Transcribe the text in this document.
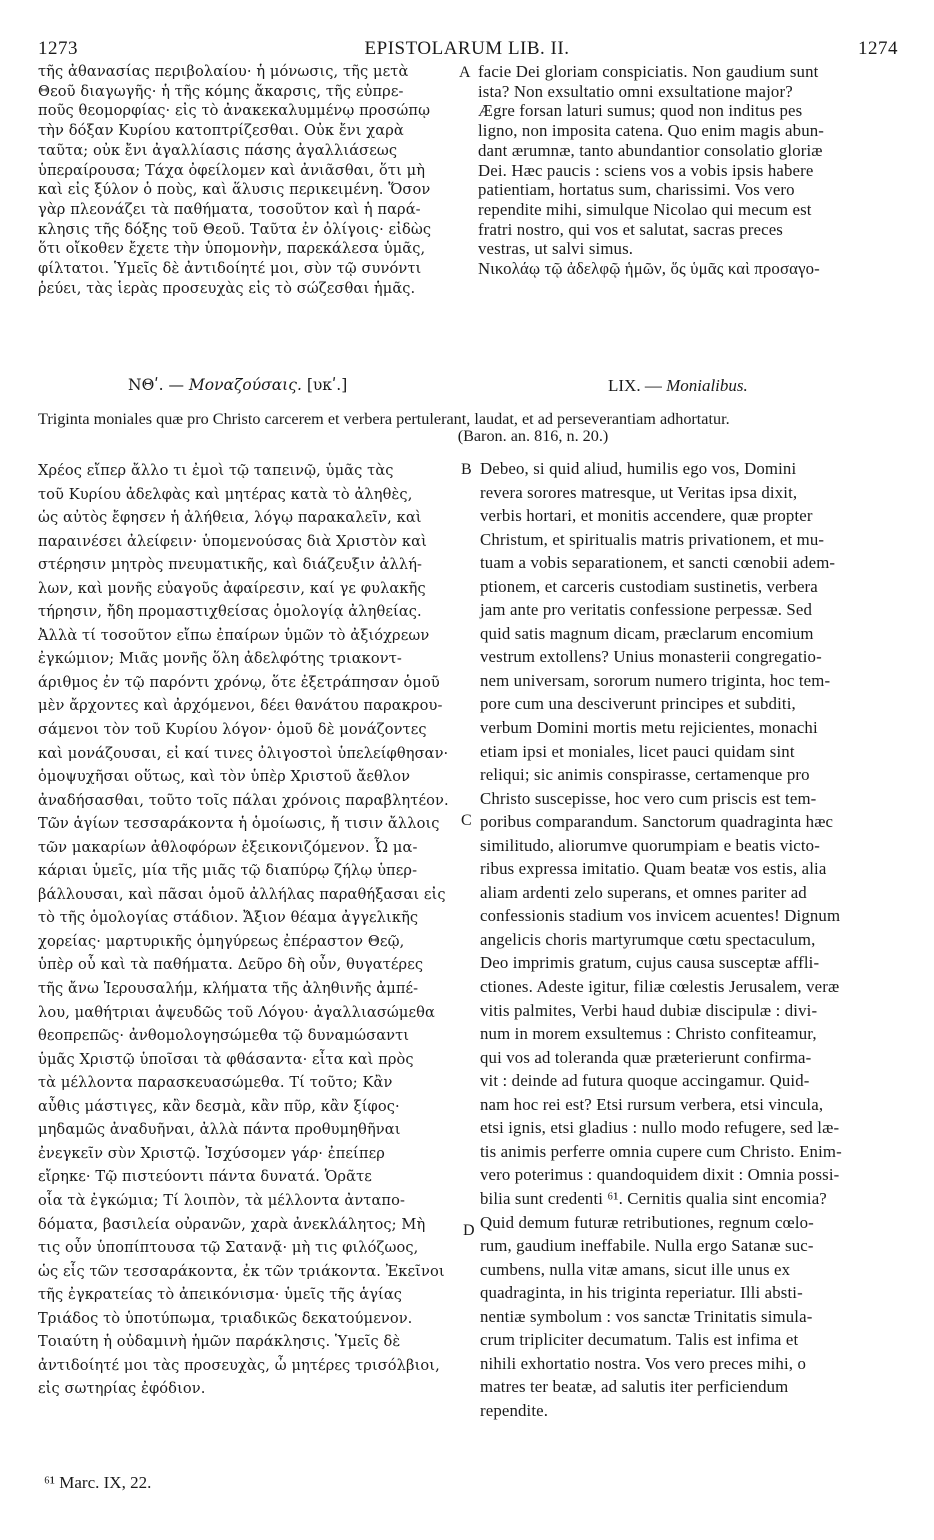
1273	EPISTOLARUM LIB. II.	1274
τῆς ἀθανασίας περιβολαίου· ἡ μόνωσις, τῆς μετὰ
Θεοῦ διαγωγῆς· ἡ τῆς κόμης ἄκαρσις, τῆς εὐπρε-
ποῦς θεομορφίας· εἰς τὸ ἀνακεκαλυμμένῳ προσώπῳ
τὴν δόξαν Κυρίου κατοπτρίζεσθαι. Οὐκ ἔνι χαρὰ
ταῦτα; οὐκ ἔνι ἀγαλλίασις πάσης ἀγαλλιάσεως
ὑπεραίρουσα; Τάχα ὀφείλομεν καὶ ἀνιᾶσθαι, ὅτι μὴ
καὶ εἰς ξύλον ὁ ποὺς, καὶ ἅλυσις περικειμένη. Ὅσον
γὰρ πλεονάζει τὰ παθήματα, τοσοῦτον καὶ ἡ παρά-
κλησις τῆς δόξης τοῦ Θεοῦ. Ταῦτα ἐν ὀλίγοις· εἰδὼς
ὅτι οἴκοθεν ἔχετε τὴν ὑπομονὴν, παρεκάλεσα ὑμᾶς,
φίλτατοι. Ὑμεῖς δὲ ἀντιδοίητέ μοι, σὺν τῷ συνόντι
ῥεύει, τὰς ἱερὰς προσευχὰς εἰς τὸ σώζεσθαι ἡμᾶς.
A facie Dei gloriam conspiciatis. Non gaudium sunt
ista? Non exsultatio omni exsultatione major?
Ægre forsan laturi sumus; quod non inditus pes
ligno, non imposita catena. Quo enim magis abun-
dant ærumnæ, tanto abundantior consolatio gloriæ
Dei. Hæc paucis : sciens vos a vobis ipsis habere
patientiam, hortatus sum, charissimi. Vos vero
rependite mihi, simulque Nicolao qui mecum est
fratri nostro, qui vos et salutat, sacras preces
vestras, ut salvi simus.
Νικολάῳ τῷ ἀδελφῷ ἡμῶν, ὅς ὑμᾶς καὶ προσαγο-
ΝΘʹ. — Μοναζούσαις. [υκʹ.]	LIX. — Monialibus.
Triginta moniales quæ pro Christo carcerem et verbera pertulerant, laudat, et ad perseverantiam adhortatur.
(Baron. an. 816, n. 20.)
Χρέος εἴπερ ἄλλο τι ἐμοὶ τῷ ταπεινῷ, ὑμᾶς τὰς
τοῦ Κυρίου ἀδελφὰς καὶ μητέρας κατὰ τὸ ἀληθὲς,
ὡς αὐτὸς ἔφησεν ἡ ἀλήθεια, λόγῳ παρακαλεῖν, καὶ
παραινέσει ἀλείφειν· ὑπομενούσας διὰ Χριστὸν καὶ
στέρησιν μητρὸς πνευματικῆς, καὶ διάζευξιν ἀλλή-
λων, καὶ μονῆς εὐαγοῦς ἀφαίρεσιν, καί γε φυλακῆς
τήρησιν, ἤδη προμαστιχθείσας ὁμολογίᾳ ἀληθείας.
Ἀλλὰ τί τοσοῦτον εἴπω ἐπαίρων ὑμῶν τὸ ἀξιόχρεων
ἐγκώμιον; Μιᾶς μονῆς ὅλη ἀδελφότης τριακοντ-
άριθμος ἐν τῷ παρόντι χρόνῳ, ὅτε ἐξετράπησαν ὁμοῦ
μὲν ἄρχοντες καὶ ἀρχόμενοι, δέει θανάτου παρακρου-
σάμενοι τὸν τοῦ Κυρίου λόγον· ὁμοῦ δὲ μονάζοντες
καὶ μονάζουσαι, εἰ καί τινες ὀλιγοστοὶ ὑπελείφθησαν·
ὁμοψυχῆσαι οὕτως, καὶ τὸν ὑπὲρ Χριστοῦ ἄεθλον
ἀναδήσασθαι, τοῦτο τοῖς πάλαι χρόνοις παραβλητέον.
Τῶν ἁγίων τεσσαράκοντα ἡ ὁμοίωσις, ἤ τισιν ἄλλοις
τῶν μακαρίων ἀθλοφόρων ἐξεικονιζόμενον. Ὦ μα-
κάριαι ὑμεῖς, μία τῆς μιᾶς τῷ διαπύρῳ ζήλῳ ὑπερ-
βάλλουσαι, καὶ πᾶσαι ὁμοῦ ἀλλήλας παραθήξασαι εἰς
τὸ τῆς ὁμολογίας στάδιον. Ἄξιον θέαμα ἀγγελικῆς
χορείας· μαρτυρικῆς ὁμηγύρεως ἐπέραστον Θεῷ,
ὑπὲρ οὗ καὶ τὰ παθήματα. Δεῦρο δὴ οὖν, θυγατέρες
τῆς ἄνω Ἱερουσαλήμ, κλήματα τῆς ἀληθινῆς ἀμπέ-
λου, μαθήτριαι ἀψευδῶς τοῦ Λόγου· ἀγαλλιασώμεθα
θεοπρεπῶς· ἀνθομολογησώμεθα τῷ δυναμώσαντι
ὑμᾶς Χριστῷ ὑποῖσαι τὰ φθάσαντα· εἶτα καὶ πρὸς
τὰ μέλλοντα παρασκευασώμεθα. Τί τοῦτο; Κἂν
αὖθις μάστιγες, κἂν δεσμὰ, κἂν πῦρ, κἂν ξίφος·
μηδαμῶς ἀναδυῆναι, ἀλλὰ πάντα προθυμηθῆναι
ἐνεγκεῖν σὺν Χριστῷ. Ἰσχύσομεν γάρ· ἐπείπερ
εἴρηκε· Τῷ πιστεύοντι πάντα δυνατά. Ὁρᾶτε
οἷα τὰ ἐγκώμια; Τί λοιπὸν, τὰ μέλλοντα ἀνταπο-
δόματα, βασιλεία οὐρανῶν, χαρὰ ἀνεκλάλητος; Μὴ
τις οὖν ὑποπίπτουσα τῷ Σατανᾷ· μὴ τις φιλόζωος,
ὡς εἷς τῶν τεσσαράκοντα, ἐκ τῶν τριάκοντα. Ἐκεῖνοι
τῆς ἐγκρατείας τὸ ἀπεικόνισμα· ὑμεῖς τῆς ἁγίας
Τριάδος τὸ ὑποτύπωμα, τριαδικῶς δεκατούμενον.
Τοιαύτη ἡ οὐδαμινὴ ἡμῶν παράκλησις. Ὑμεῖς δὲ
ἀντιδοίητέ μοι τὰς προσευχὰς, ὦ μητέρες τρισόλβιοι,
εἰς σωτηρίας ἐφόδιον.
B
C
D
Debeo, si quid aliud, humilis ego vos, Domini
revera sorores matresque, ut Veritas ipsa dixit,
verbis hortari, et monitis accendere, quæ propter
Christum, et spiritualis matris privationem, et mu-
tuam a vobis separationem, et sancti cœnobii adem-
ptionem, et carceris custodiam sustinetis, verbera
jam ante pro veritatis confessione perpessæ. Sed
quid satis magnum dicam, præclarum encomium
vestrum extollens? Unius monasterii congregatio-
nem universam, sororum numero triginta, hoc tem-
pore cum una desciverunt principes et subditi,
verbum Domini mortis metu rejicientes, monachi
etiam ipsi et moniales, licet pauci quidam sint
reliqui; sic animis conspirasse, certamenque pro
Christo suscepisse, hoc vero cum priscis est tem-
poribus comparandum. Sanctorum quadraginta hæc
similitudo, aliorumve quorumpiam e beatis victo-
ribus expressa imitatio. Quam beatæ vos estis, alia
aliam ardenti zelo superans, et omnes pariter ad
confessionis stadium vos invicem acuentes! Dignum
angelicis choris martyrumque cœtu spectaculum,
Deo imprimis gratum, cujus causa susceptæ affli-
ctiones. Adeste igitur, filiæ cœlestis Jerusalem, veræ
vitis palmites, Verbi haud dubiæ discipulæ : divi-
num in morem exsultemus : Christo confiteamur,
qui vos ad toleranda quæ præterierunt confirma-
vit : deinde ad futura quoque accingamur. Quid-
nam hoc rei est? Etsi rursum verbera, etsi vincula,
etsi ignis, etsi gladius : nullo modo refugere, sed læ-
tis animis perferre omnia cupere cum Christo. Enim-
vero poterimus : quandoquidem dixit : Omnia possi-
bilia sunt credenti ⁶¹. Cernitis qualia sint encomia?
Quid demum futuræ retributiones, regnum cœlo-
rum, gaudium ineffabile. Nulla ergo Satanæ suc-
cumbens, nulla vitæ amans, sicut ille unus ex
quadraginta, in his triginta reperiatur. Illi absti-
nentiæ symbolum : vos sanctæ Trinitatis simula-
crum tripliciter decumatum. Talis est infima et
nihili exhortatio nostra. Vos vero preces mihi, o
matres ter beatæ, ad salutis iter perficiendum
rependite.
⁶¹ Marc. IX, 22.
